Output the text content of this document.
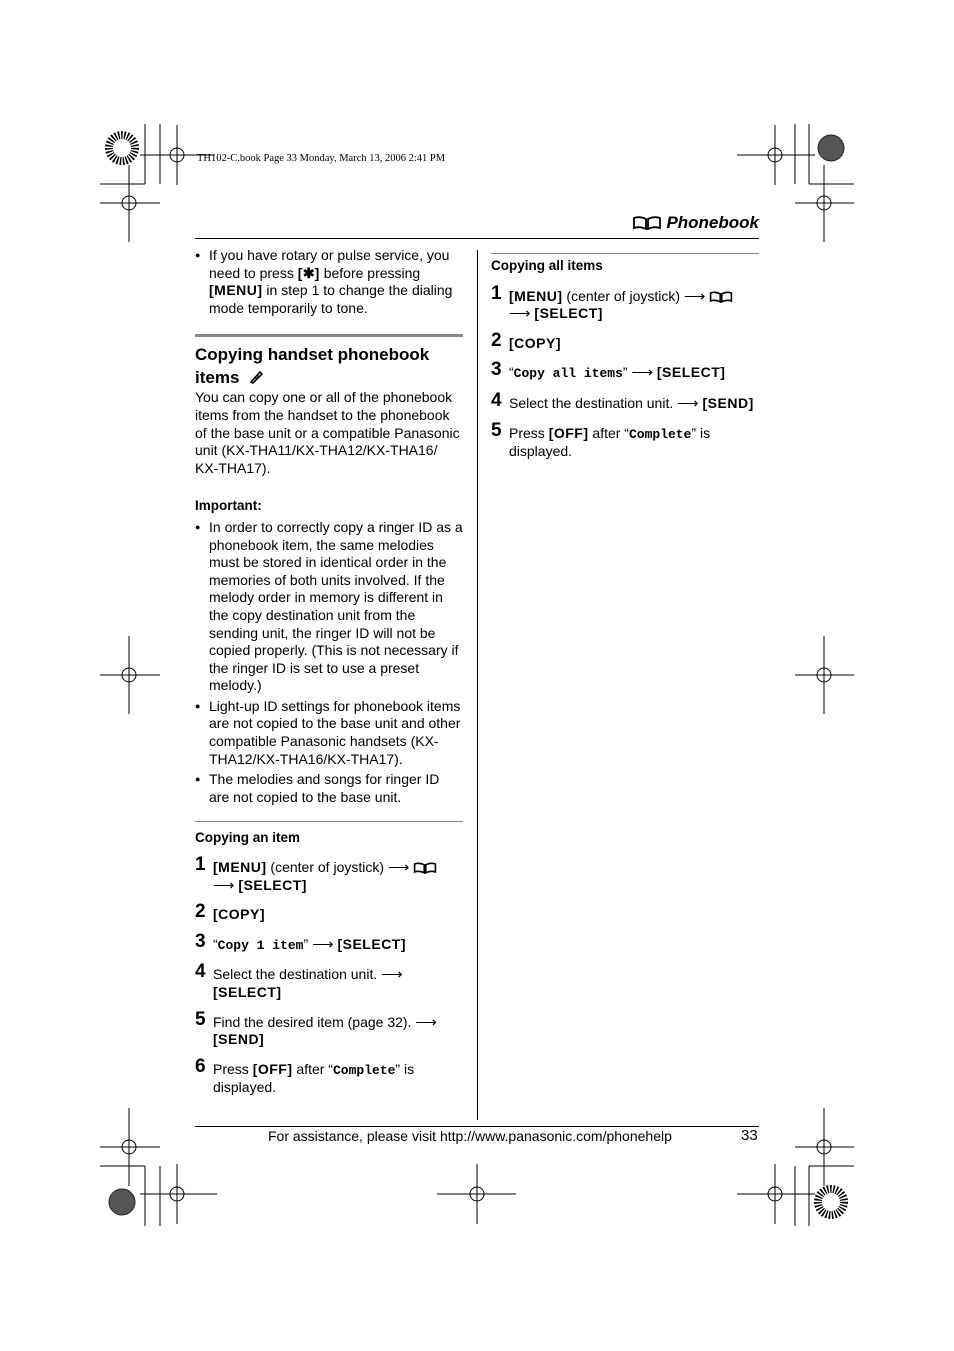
TH102-C.book Page 33 Monday, March 13, 2006 2:41 PM
Phonebook
● If you have rotary or pulse service, you need to press [✱] before pressing [MENU] in step 1 to change the dialing mode temporarily to tone.
Copying handset phonebook items
You can copy one or all of the phonebook items from the handset to the phonebook of the base unit or a compatible Panasonic unit (KX-THA11/KX-THA12/KX-THA16/ KX-THA17).
Important:
● In order to correctly copy a ringer ID as a phonebook item, the same melodies must be stored in identical order in the memories of both units involved. If the melody order in memory is different in the copy destination unit from the sending unit, the ringer ID will not be copied properly. (This is not necessary if the ringer ID is set to use a preset melody.)
● Light-up ID settings for phonebook items are not copied to the base unit and other compatible Panasonic handsets (KX-THA12/KX-THA16/KX-THA17).
● The melodies and songs for ringer ID are not copied to the base unit.
Copying an item
1 [MENU] (center of joystick) ⟶
⟶ [SELECT]
2 [COPY]
3 “Copy 1 item” ⟶ [SELECT]
4 Select the destination unit. ⟶
[SELECT]
5 Find the desired item (page 32). ⟶
[SEND]
6 Press [OFF] after “Complete” is displayed.
Copying all items
1 [MENU] (center of joystick) ⟶
⟶ [SELECT]
2 [COPY]
3 “Copy all items” ⟶ [SELECT]
4 Select the destination unit. ⟶ [SEND]
5 Press [OFF] after “Complete” is displayed.
For assistance, please visit http://www.panasonic.com/phonehelp	33
